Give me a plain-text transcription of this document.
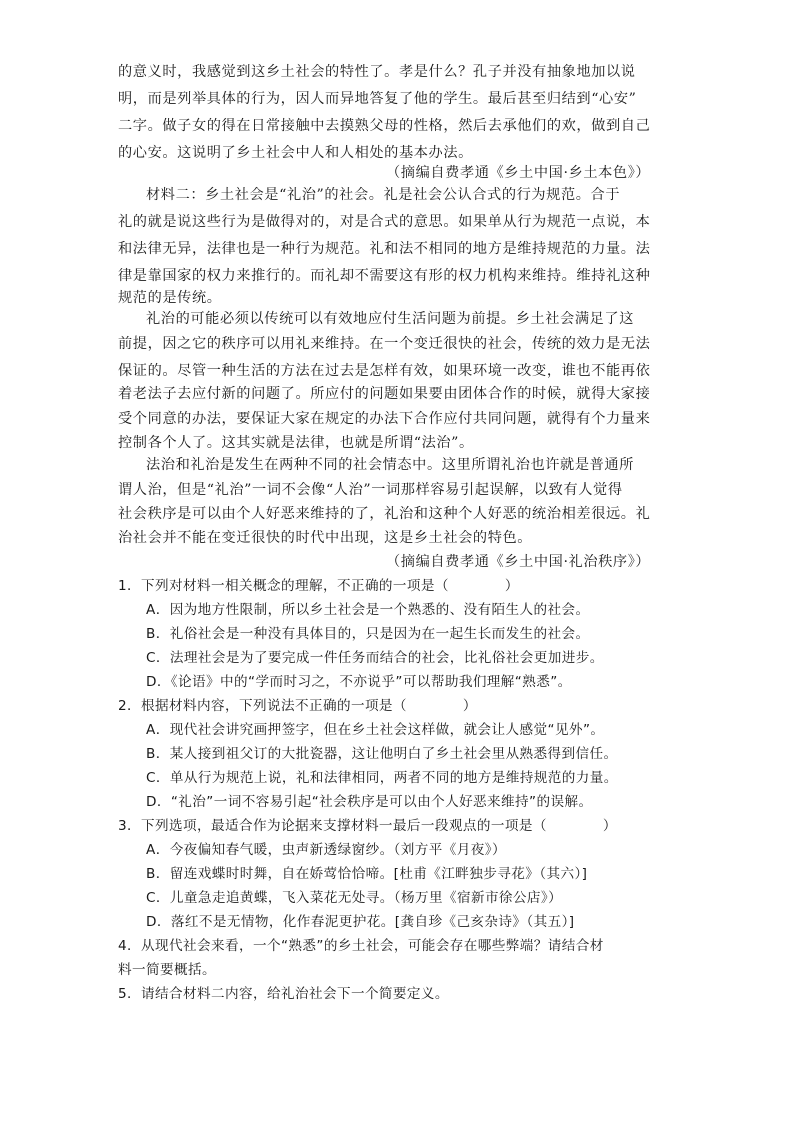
的意义时，我感觉到这乡土社会的特性了。孝是什么？孔子并没有抽象地加以说
明，而是列举具体的行为，因人而异地答复了他的学生。最后甚至归结到“心安”
二字。做子女的得在日常接触中去摸熟父母的性格，然后去承他们的欢，做到自己
的心安。这说明了乡土社会中人和人相处的基本办法。
（摘编自费孝通《乡土中国·乡土本色》）
材料二：乡土社会是“礼治”的社会。礼是社会公认合式的行为规范。合于
礼的就是说这些行为是做得对的，对是合式的意思。如果单从行为规范一点说，本
和法律无异，法律也是一种行为规范。礼和法不相同的地方是维持规范的力量。法
律是靠国家的权力来推行的。而礼却不需要这有形的权力机构来维持。维持礼这种
规范的是传统。
礼治的可能必须以传统可以有效地应付生活问题为前提。乡土社会满足了这
前提，因之它的秩序可以用礼来维持。在一个变迁很快的社会，传统的效力是无法
保证的。尽管一种生活的方法在过去是怎样有效，如果环境一改变，谁也不能再依
着老法子去应付新的问题了。所应付的问题如果要由团体合作的时候，就得大家接
受个同意的办法，要保证大家在规定的办法下合作应付共同问题，就得有个力量来
控制各个人了。这其实就是法律，也就是所谓“法治”。
法治和礼治是发生在两种不同的社会情态中。这里所谓礼治也许就是普通所
谓人治，但是“礼治”一词不会像“人治”一词那样容易引起误解，以致有人觉得
社会秩序是可以由个人好恶来维持的了，礼治和这种个人好恶的统治相差很远。礼
治社会并不能在变迁很快的时代中出现，这是乡土社会的特色。
（摘编自费孝通《乡土中国·礼治秩序》）
1．下列对材料一相关概念的理解，不正确的一项是（　　　　）
A．因为地方性限制，所以乡土社会是一个熟悉的、没有陌生人的社会。
B．礼俗社会是一种没有具体目的，只是因为在一起生长而发生的社会。
C．法理社会是为了要完成一件任务而结合的社会，比礼俗社会更加进步。
D．《论语》中的“学而时习之，不亦说乎”可以帮助我们理解“熟悉”。
2．根据材料内容，下列说法不正确的一项是（　　　　）
A．现代社会讲究画押签字，但在乡土社会这样做，就会让人感觉“见外”。
B．某人接到祖父订的大批瓷器，这让他明白了乡土社会里从熟悉得到信任。
C．单从行为规范上说，礼和法律相同，两者不同的地方是维持规范的力量。
D．“礼治”一词不容易引起“社会秩序是可以由个人好恶来维持”的误解。
3．下列选项，最适合作为论据来支撑材料一最后一段观点的一项是（　　　　）
A．今夜偏知春气暖，虫声新透绿窗纱。（刘方平《月夜》）
B．留连戏蝶时时舞，自在娇莺恰恰啼。[杜甫《江畔独步寻花》（其六）]
C．儿童急走追黄蝶，飞入菜花无处寻。（杨万里《宿新市徐公店》）
D．落红不是无情物，化作春泥更护花。[龚自珍《己亥杂诗》（其五）]
4．从现代社会来看，一个“熟悉”的乡土社会，可能会存在哪些弊端？请结合材
料一简要概括。
5．请结合材料二内容，给礼治社会下一个简要定义。
